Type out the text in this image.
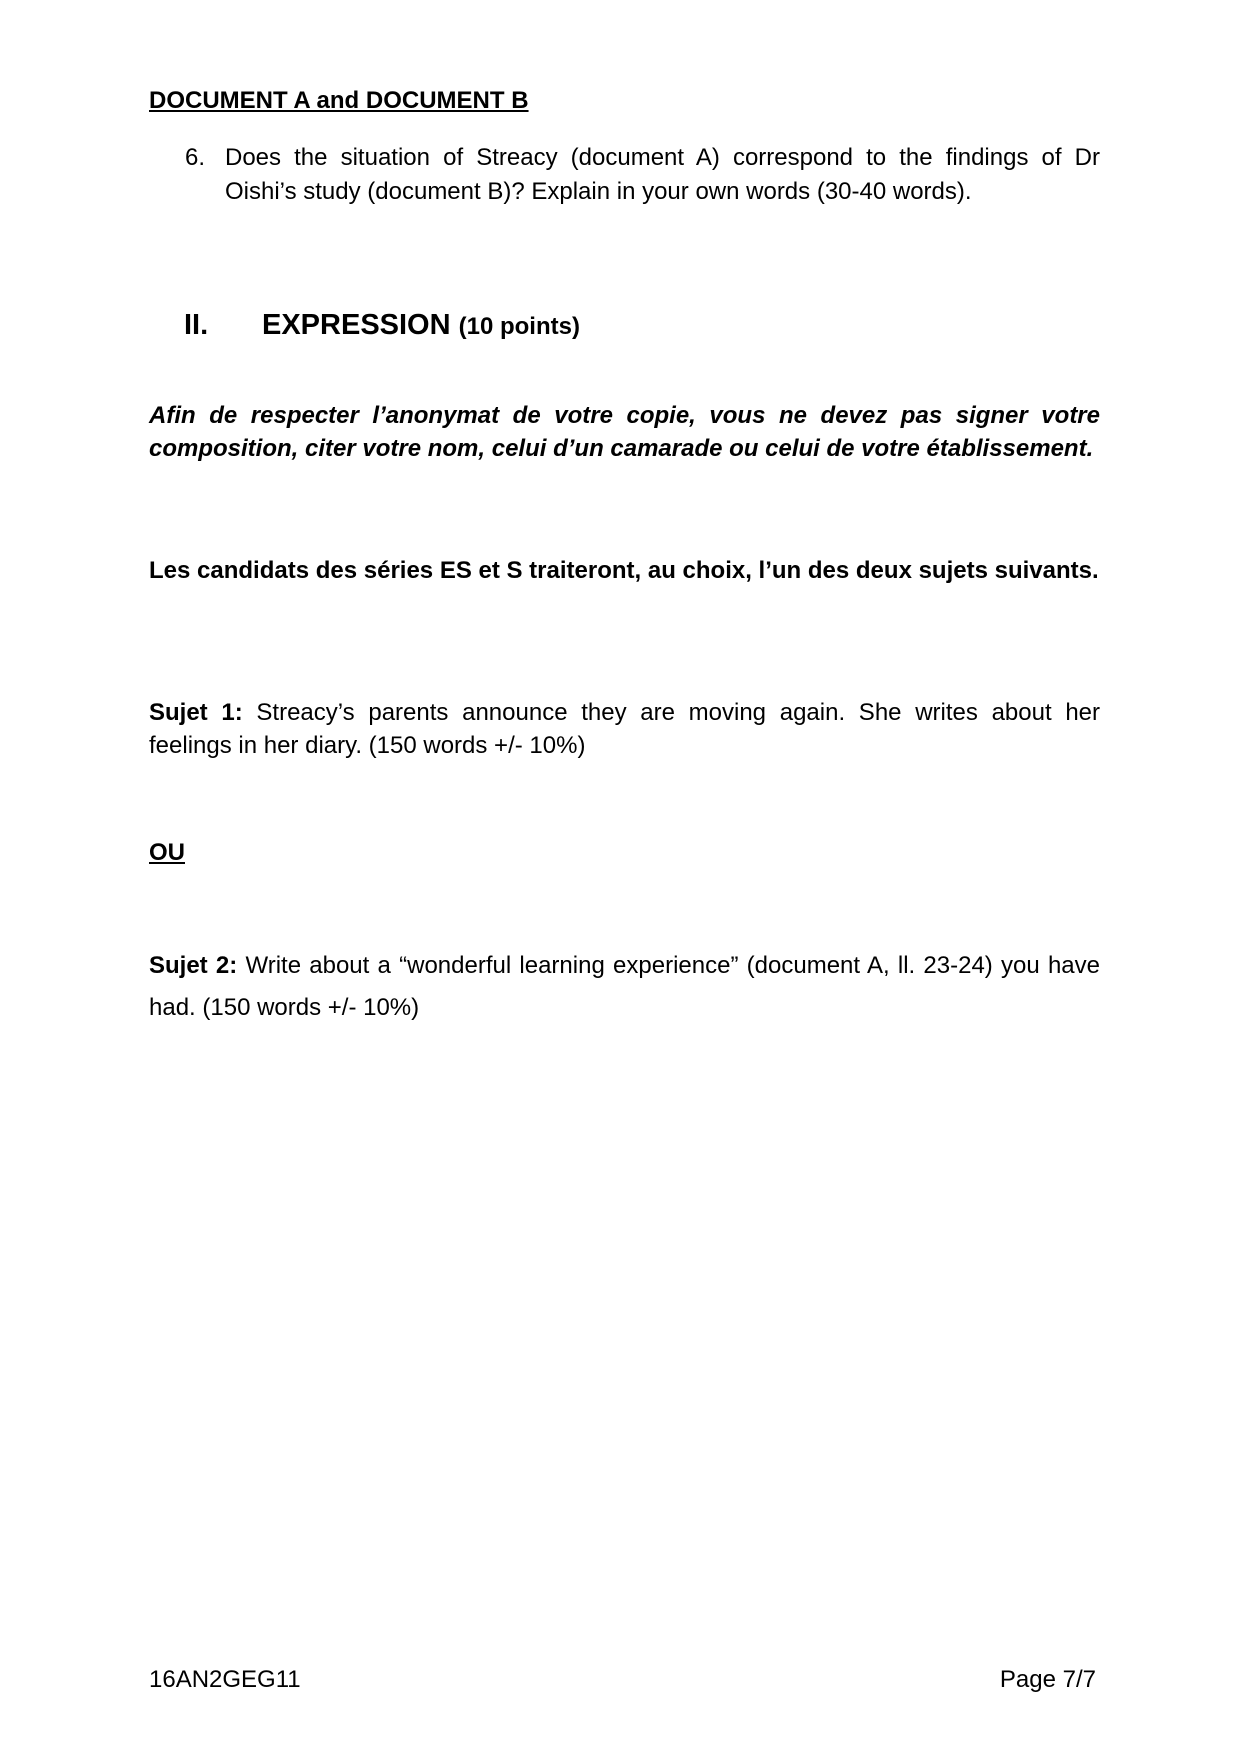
DOCUMENT A and DOCUMENT B
6. Does the situation of Streacy (document A) correspond to the findings of Dr Oishi’s study (document B)? Explain in your own words (30-40 words).
II. EXPRESSION (10 points)
Afin de respecter l’anonymat de votre copie, vous ne devez pas signer votre composition, citer votre nom, celui d’un camarade ou celui de votre établissement.
Les candidats des séries ES et S traiteront, au choix, l’un des deux sujets suivants.
Sujet 1: Streacy’s parents announce they are moving again. She writes about her feelings in her diary. (150 words +/- 10%)
OU
Sujet 2: Write about a “wonderful learning experience” (document A, ll. 23-24) you have had. (150 words +/- 10%)
16AN2GEG11	Page 7/7
